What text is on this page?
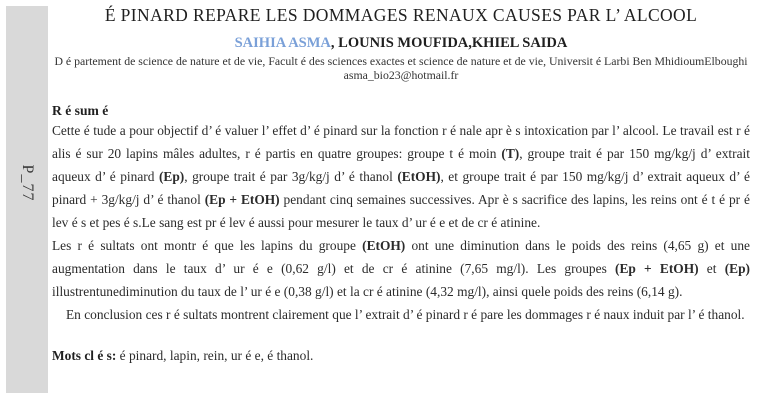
P_77
É PINARD REPARE LES DOMMAGES RENAUX CAUSES PAR L’ ALCOOL
SAIHIA ASMA, LOUNIS MOUFIDA,KHIEL SAIDA
D é partement de science de nature et de vie, Facult é des sciences exactes et science de nature et de vie, Universit é Larbi Ben MhidioumElboughi
asma_bio23@hotmail.fr
R é sum é

Cette é tude a pour objectif d’ é valuer l’ effet d’ é pinard sur la fonction r é nale apr è s intoxication par l’ alcool. Le travail est r é alis é sur 20 lapins mâles adultes, r é partis en quatre groupes: groupe t é moin (T), groupe trait é par 150 mg/kg/j d’ extrait aqueux d’ é pinard (Ep), groupe trait é par 3g/kg/j d’ é thanol (EtOH), et groupe trait é par 150 mg/kg/j d’ extrait aqueux d’ é pinard + 3g/kg/j d’ é thanol (Ep + EtOH) pendant cinq semaines successives. Apr è s sacrifice des lapins, les reins ont é t é pr é lev é s et pes é s.Le sang est pr é lev é aussi pour mesurer le taux d’ ur é e et de cr é atinine.

Les r é sultats ont montr é que les lapins du groupe (EtOH) ont une diminution dans le poids des reins (4,65 g) et une augmentation dans le taux d’ ur é e (0,62 g/l) et de cr é atinine (7,65 mg/l). Les groupes (Ep + EtOH) et (Ep) illustrentunediminution du taux de l’ ur é e (0,38 g/l) et la cr é atinine (4,32 mg/l), ainsi quele poids des reins (6,14 g).

En conclusion ces r é sultats montrent clairement que l’ extrait d’ é pinard r é pare les dommages r é naux induit par l’ é thanol.

Mots cl é s: é pinard, lapin, rein, ur é e, é thanol.
